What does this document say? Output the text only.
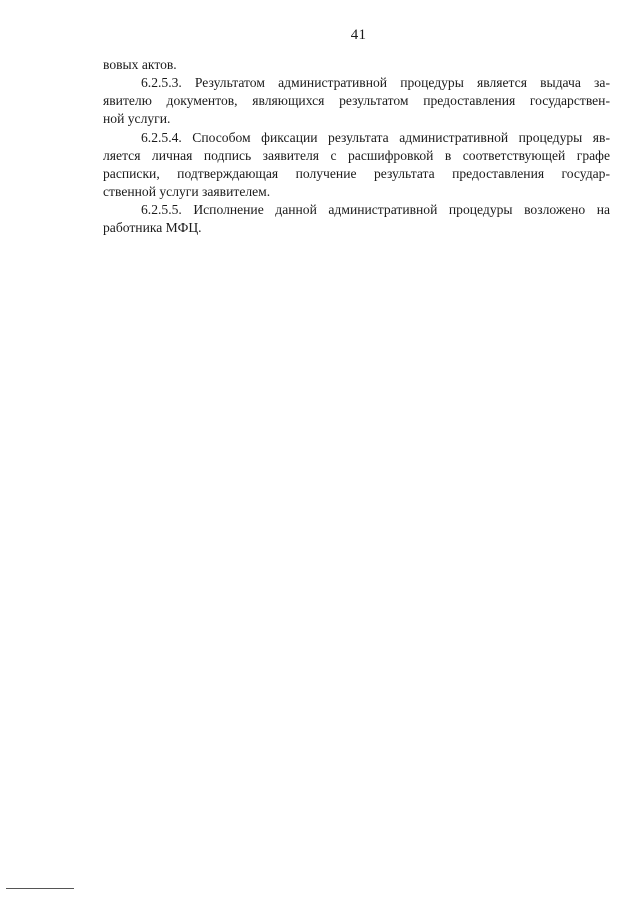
41
вовых актов.
6.2.5.3. Результатом административной процедуры является выдача за-
явителю документов, являющихся результатом предоставления государствен-
ной услуги.
6.2.5.4. Способом фиксации результата административной процедуры яв-
ляется личная подпись заявителя с расшифровкой в соответствующей графе
расписки, подтверждающая получение результата предоставления государ-
ственной услуги заявителем.
6.2.5.5. Исполнение данной административной процедуры возложено на
работника МФЦ.
